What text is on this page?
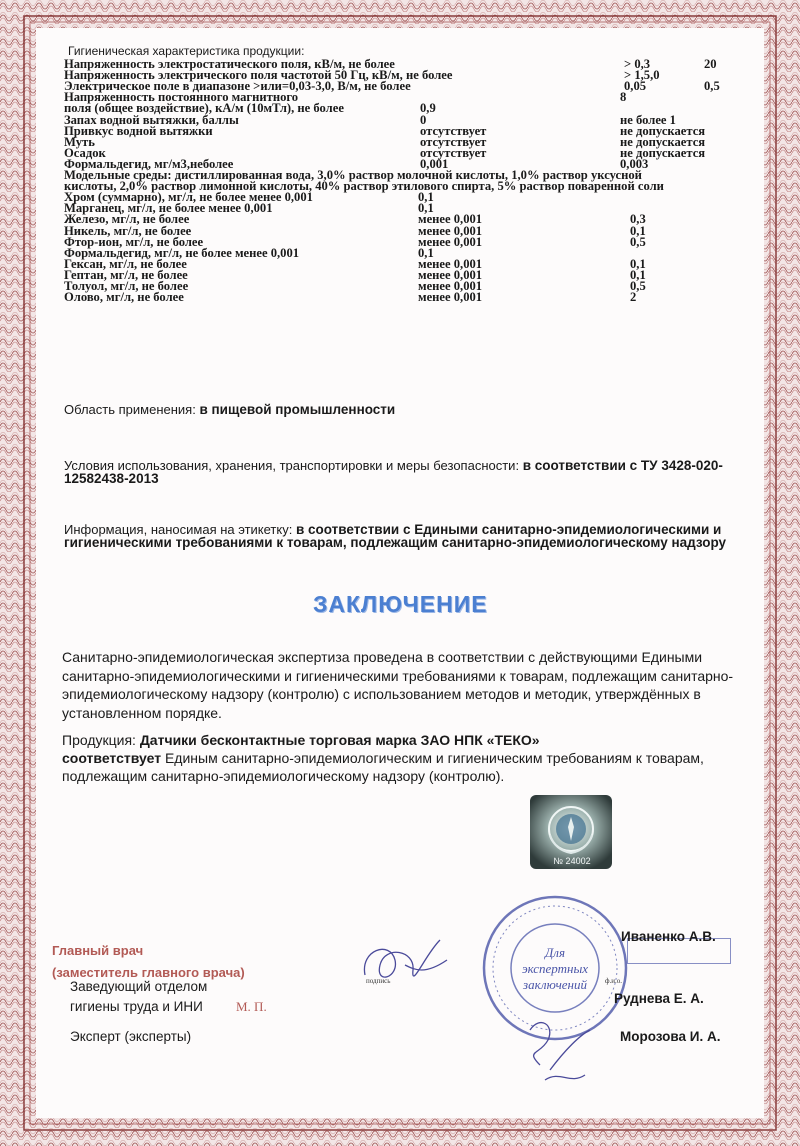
Гигиеническая характеристика продукции:
Напряженность электростатического поля, кВ/м, не более	> 0,3	20
Напряженность электрического поля частотой 50 Гц, кВ/м, не более	> 1,5,0
Электрическое поле в диапазоне >или=0,03-3,0, В/м, не более	0,05	0,5
Напряженность постоянного магнитного	8
поля (общее воздействие), кА/м (10мТл), не более	0,9
Запах водной вытяжки, баллы	0	не более 1
Привкус водной вытяжки	отсутствует	не допускается
Муть	отсутствует	не допускается
Осадок	отсутствует	не допускается
Формальдегид, мг/м3,неболее	0,001	0,003
Модельные среды: дистиллированная вода, 3,0% раствор молочной кислоты, 1,0% раствор уксусной
кислоты, 2,0% раствор лимонной кислоты, 40% раствор этилового спирта, 5% раствор поваренной соли
Хром (суммарно), мг/л, не более менее 0,001	0,1
Марганец, мг/л, не более менее 0,001	0,1
Железо, мг/л, не более	менее 0,001	0,3
Никель, мг/л, не более	менее 0,001	0,1
Фтор-ион, мг/л, не более	менее 0,001	0,5
Формальдегид, мг/л, не более менее 0,001	0,1
Гексан, мг/л, не более	менее 0,001	0,1
Гептан, мг/л, не более	менее 0,001	0,1
Толуол, мг/л, не более	менее 0,001	0,5
Олово, мг/л, не более	менее 0,001	2
Область применения: в пищевой промышленности
Условия использования, хранения, транспортировки и меры безопасности: в соответствии с ТУ 3428-020-
12582438-2013
Информация, наносимая на этикетку: в соответствии с Едиными санитарно-эпидемиологическими и
гигиеническими требованиями к товарам, подлежащим санитарно-эпидемиологическому надзору
ЗАКЛЮЧЕНИЕ
Санитарно-эпидемиологическая экспертиза проведена в соответствии с действующими Едиными
санитарно-эпидемиологическими и гигиеническими требованиями к товарам, подлежащим санитарно-
эпидемиологическому надзору (контролю) с использованием методов и методик, утверждённых в
установленном порядке.
Продукция: Датчики бесконтактные торговая марка ЗАО НПК «ТЕКО»
соответствует Единым санитарно-эпидемиологическим и гигиеническим требованиям к товарам,
подлежащим санитарно-эпидемиологическому надзору (контролю).
№ 24002
Для
экспертных
заключений
Главный врач
(заместитель главного врача)
Заведующий отделом
гигиены труда и ИНИ	М. П.
Эксперт (эксперты)
подпись	ф.и.о.
Иваненко А.В.
Руднева Е. А.
Морозова И. А.
